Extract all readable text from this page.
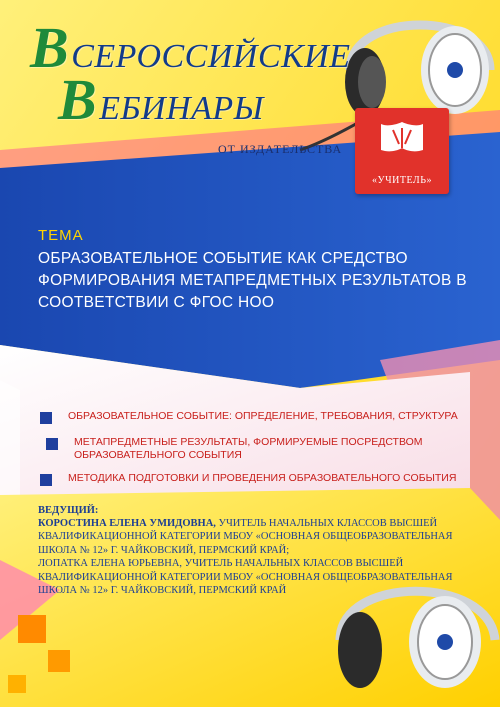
ВСЕРОССИЙСКИЕ
ВЕБИНАРЫ
ОТ ИЗДАТЕЛЬСТВА
«УЧИТЕЛЬ»
ТЕМА
ОБРАЗОВАТЕЛЬНОЕ СОБЫТИЕ КАК СРЕДСТВО ФОРМИРОВАНИЯ МЕТАПРЕДМЕТНЫХ РЕЗУЛЬТАТОВ В СООТВЕТСТВИИ С ФГОС НОО
ОБРАЗОВАТЕЛЬНОЕ СОБЫТИЕ: ОПРЕДЕЛЕНИЕ, ТРЕБОВАНИЯ, СТРУКТУРА
МЕТАПРЕДМЕТНЫЕ РЕЗУЛЬТАТЫ, ФОРМИРУЕМЫЕ ПОСРЕДСТВОМ ОБРАЗОВАТЕЛЬНОГО СОБЫТИЯ
МЕТОДИКА ПОДГОТОВКИ И ПРОВЕДЕНИЯ ОБРАЗОВАТЕЛЬНОГО СОБЫТИЯ
ВЕДУЩИЙ:
КОРОСТИНА ЕЛЕНА УМИДОВНА, УЧИТЕЛЬ НАЧАЛЬНЫХ КЛАССОВ ВЫСШЕЙ КВАЛИФИКАЦИОННОЙ КАТЕГОРИИ МБОУ «ОСНОВНАЯ ОБЩЕОБРАЗОВАТЕЛЬНАЯ ШКОЛА № 12» Г. ЧАЙКОВСКИЙ, ПЕРМСКИЙ КРАЙ;
ЛОПАТКА ЕЛЕНА ЮРЬЕВНА, УЧИТЕЛЬ НАЧАЛЬНЫХ КЛАССОВ ВЫСШЕЙ КВАЛИФИКАЦИОННОЙ КАТЕГОРИИ МБОУ «ОСНОВНАЯ ОБЩЕОБРАЗОВАТЕЛЬНАЯ ШКОЛА № 12» Г. ЧАЙКОВСКИЙ, ПЕРМСКИЙ КРАЙ
